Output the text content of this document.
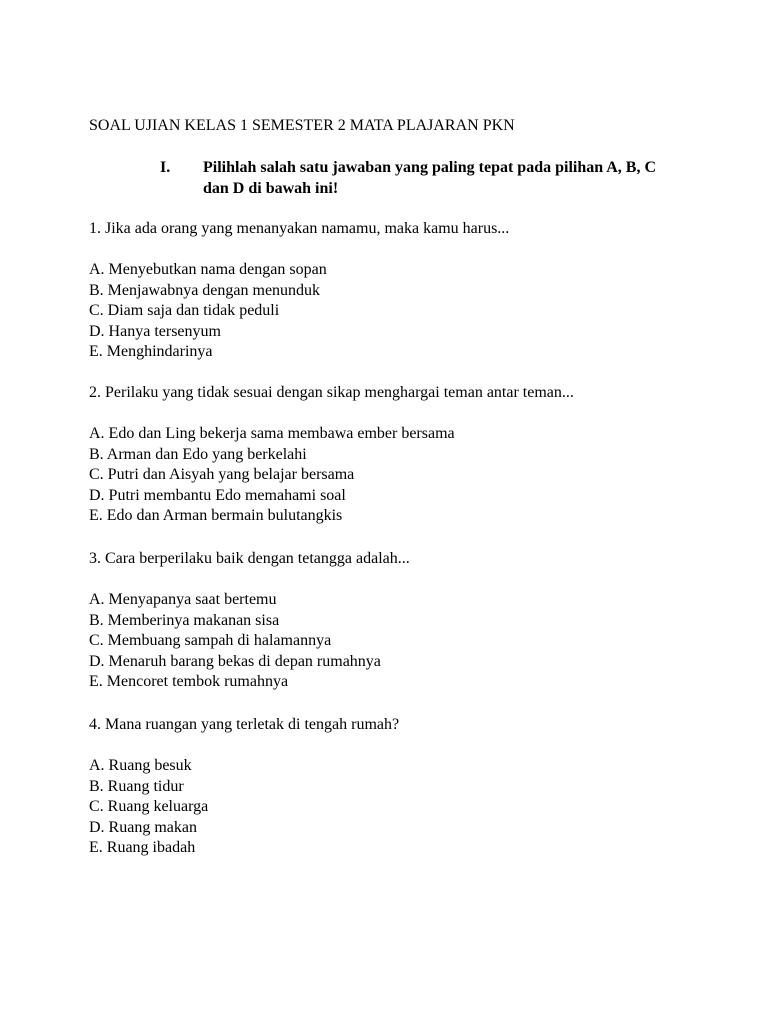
SOAL UJIAN KELAS 1 SEMESTER 2 MATA PLAJARAN PKN
I. Pilihlah salah satu jawaban yang paling tepat pada pilihan A, B, C dan D di bawah ini!
1. Jika ada orang yang menanyakan namamu, maka kamu harus...
A. Menyebutkan nama dengan sopan
B. Menjawabnya dengan menunduk
C. Diam saja dan tidak peduli
D. Hanya tersenyum
E. Menghindarinya
2. Perilaku yang tidak sesuai dengan sikap menghargai teman antar teman...
A. Edo dan Ling bekerja sama membawa ember bersama
B. Arman dan Edo yang berkelahi
C. Putri dan Aisyah yang belajar bersama
D. Putri membantu Edo memahami soal
E. Edo dan Arman bermain bulutangkis
3. Cara berperilaku baik dengan tetangga adalah...
A. Menyapanya saat bertemu
B. Memberinya makanan sisa
C. Membuang sampah di halamannya
D. Menaruh barang bekas di depan rumahnya
E. Mencoret tembok rumahnya
4. Mana ruangan yang terletak di tengah rumah?
A. Ruang besuk
B. Ruang tidur
C. Ruang keluarga
D. Ruang makan
E. Ruang ibadah
